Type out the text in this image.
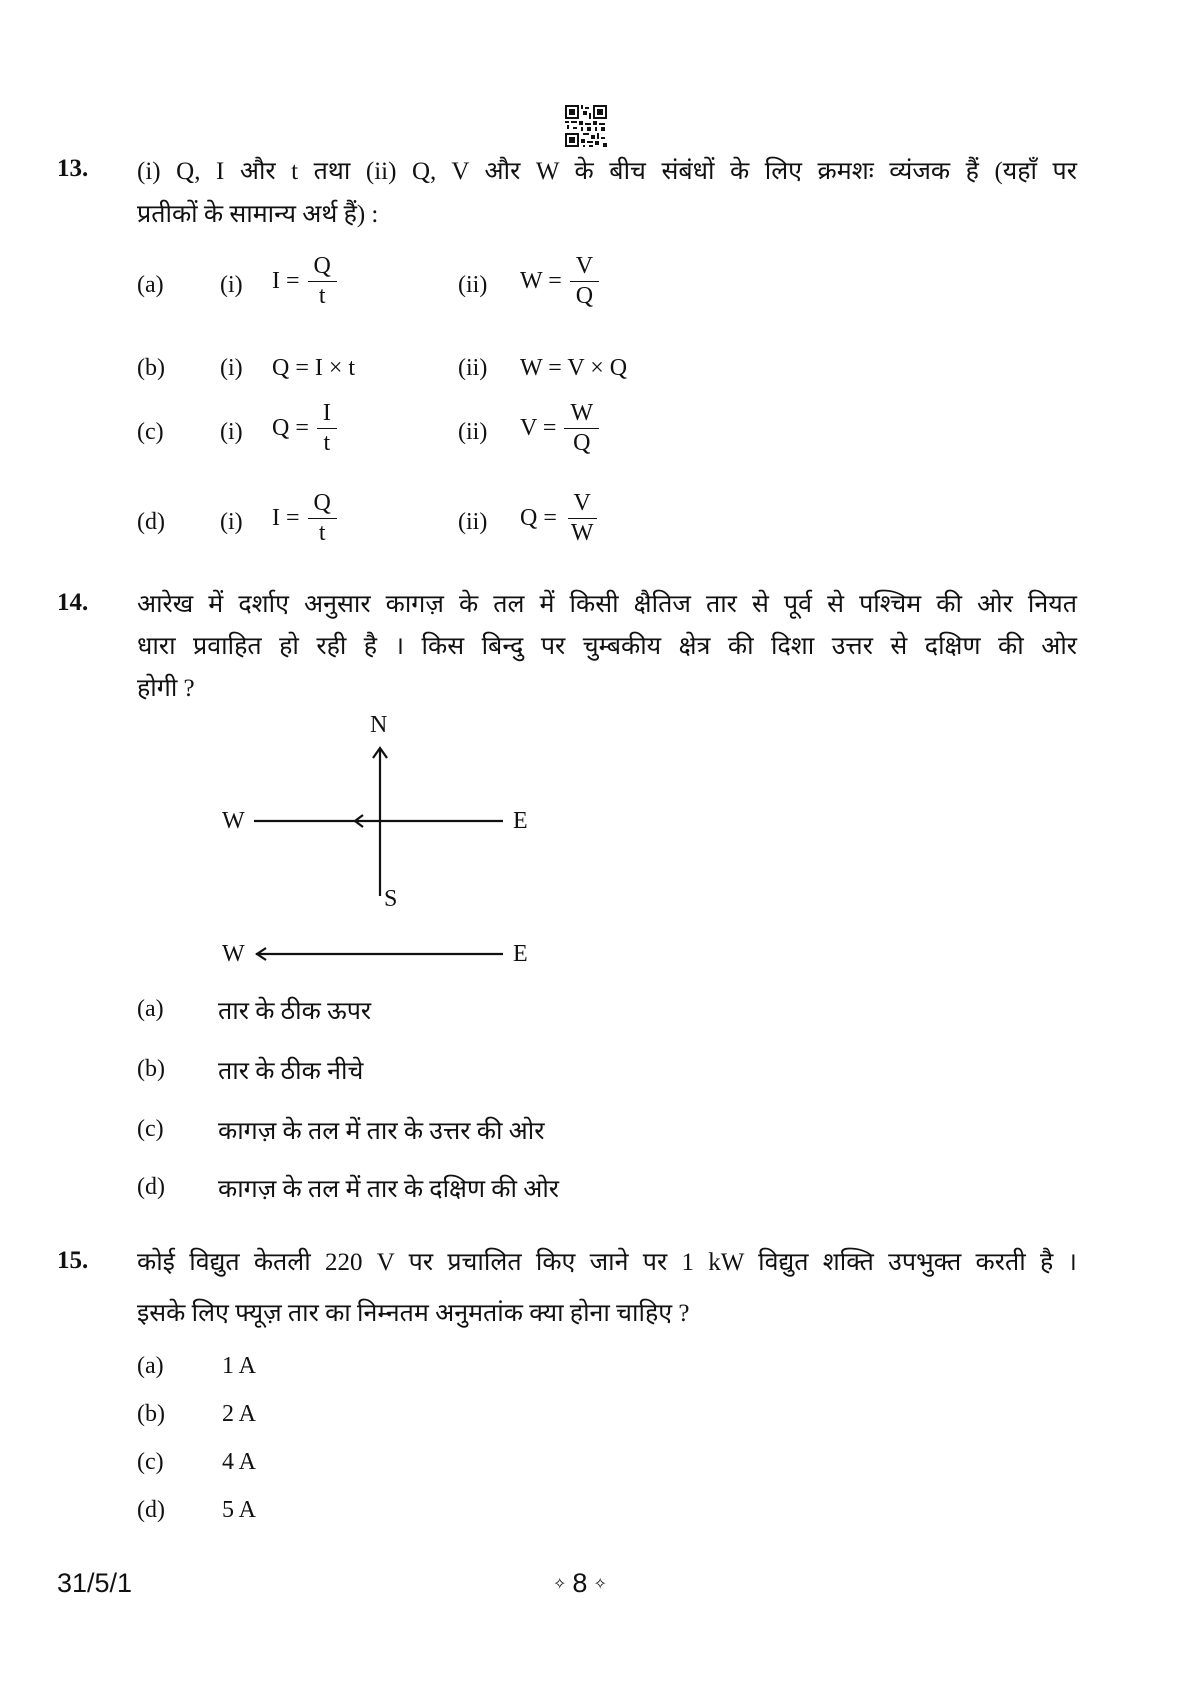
13. (i) Q, I और t तथा (ii) Q, V और W के बीच संबंधों के लिए क्रमशः व्यंजक हैं (यहाँ पर
प्रतीकों के सामान्य अर्थ हैं) :
(a) (i) $I = \frac{Q}{t}$	(ii) $W = \frac{V}{Q}$
(b) (i) Q = I × t	(ii) W = V × Q
(c) (i) $Q = \frac{I}{t}$	(ii) $V = \frac{W}{Q}$
(d) (i) $I = \frac{Q}{t}$	(ii) $Q = \frac{V}{W}$
14. आरेख में दर्शाए अनुसार कागज़ के तल में किसी क्षैतिज तार से पूर्व से पश्चिम की ओर नियत
धारा प्रवाहित हो रही है । किस बिन्दु पर चुम्बकीय क्षेत्र की दिशा उत्तर से दक्षिण की ओर
होगी ?
N
S
W	E
W	E
(a) तार के ठीक ऊपर
(b) तार के ठीक नीचे
(c) कागज़ के तल में तार के उत्तर की ओर
(d) कागज़ के तल में तार के दक्षिण की ओर
15. कोई विद्युत केतली 220 V पर प्रचालित किए जाने पर 1 kW विद्युत शक्ति उपभुक्त करती है ।
इसके लिए फ्यूज़ तार का निम्नतम अनुमतांक क्या होना चाहिए ?
(a) 1 A
(b) 2 A
(c) 4 A
(d) 5 A
31/5/1	✧ 8 ✧
